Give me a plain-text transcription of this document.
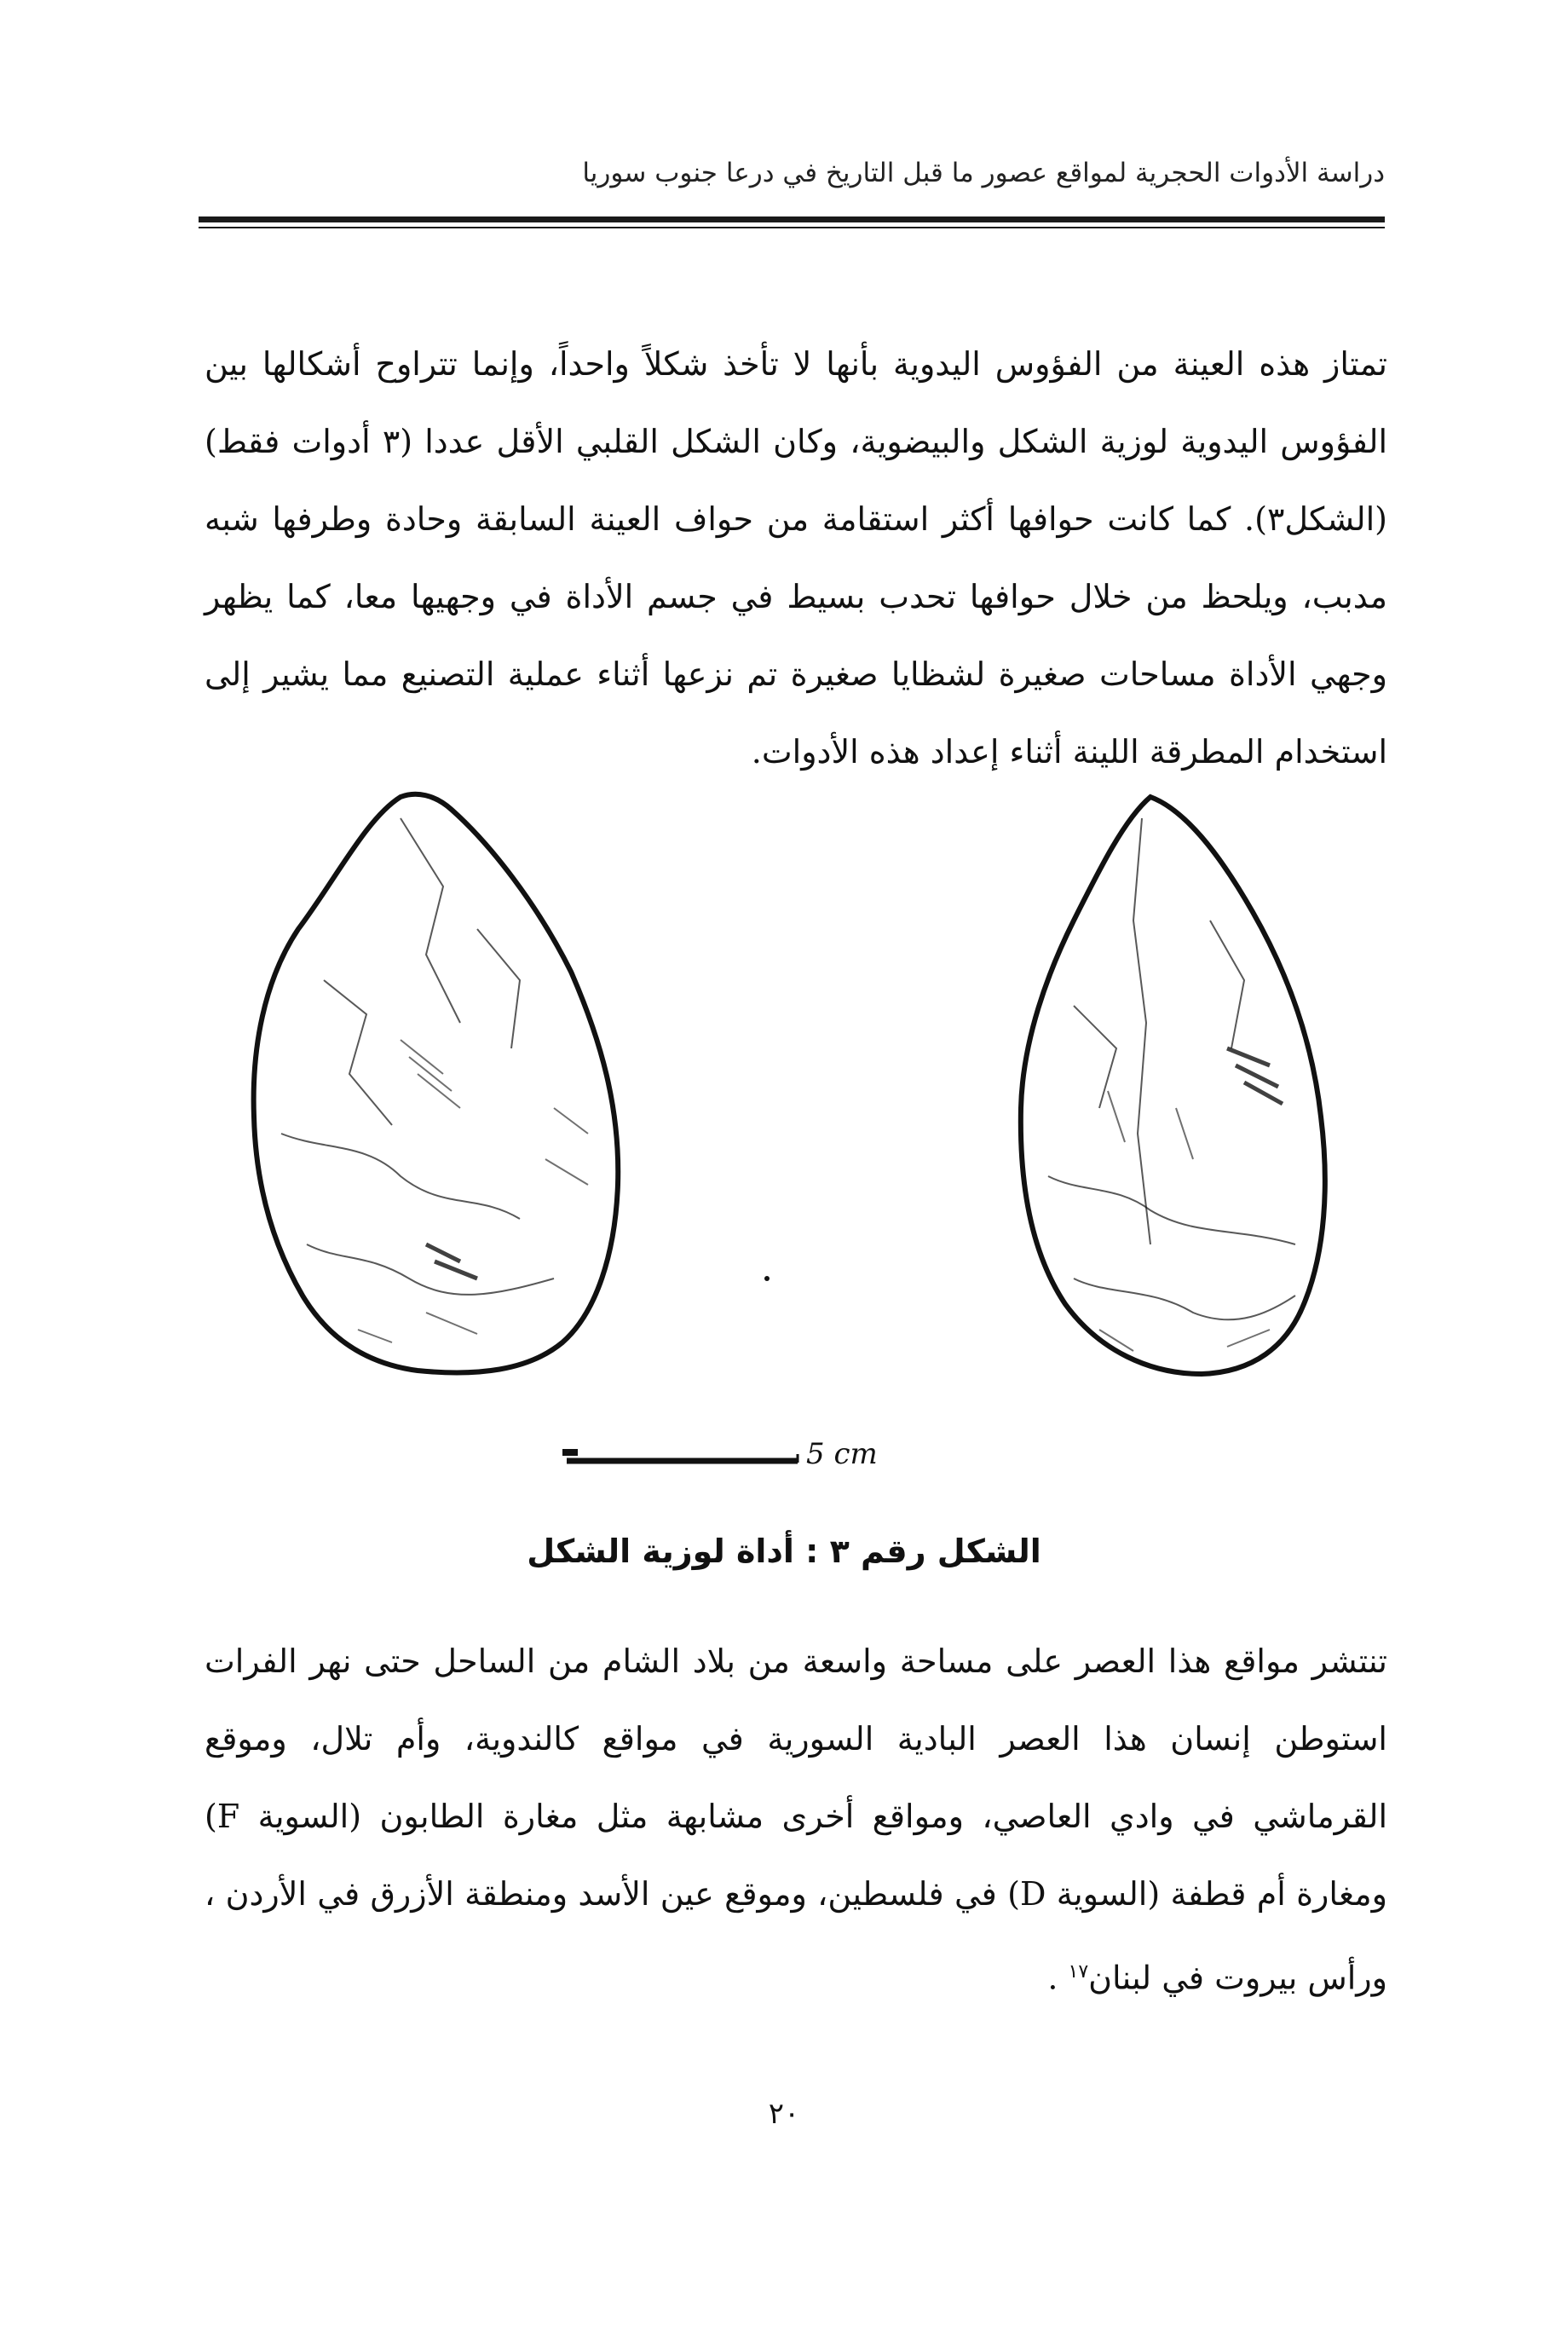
دراسة الأدوات الحجرية لمواقع عصور ما قبل التاريخ في درعا جنوب سوريا

تمتاز هذه العينة من الفؤوس اليدوية بأنها لا تأخذ شكلاً واحداً، وإنما تتراوح أشكالها بين الفؤوس اليدوية لوزية الشكل والبيضوية، وكان الشكل القلبي الأقل عددا (٣ أدوات فقط) (الشكل٣). كما كانت حوافها أكثر استقامة من حواف العينة السابقة وحادة وطرفها شبه مدبب، ويلحظ من خلال حوافها تحدب بسيط في جسم الأداة في وجهيها معا، كما يظهر وجهي الأداة مساحات صغيرة لشظايا صغيرة تم نزعها أثناء عملية التصنيع مما يشير إلى استخدام المطرقة اللينة أثناء إعداد هذه الأدوات.

5 cm
الشكل رقم ٣ : أداة لوزية الشكل

تنتشر مواقع هذا العصر على مساحة واسعة من بلاد الشام من الساحل حتى نهر الفرات استوطن إنسان هذا العصر البادية السورية في مواقع كالندوية، وأم تلال، وموقع القرماشي في وادي العاصي، ومواقع أخرى مشابهة مثل مغارة الطابون (السوية F) ومغارة أم قطفة (السوية D) في فلسطين، وموقع عين الأسد ومنطقة الأزرق في الأردن ، ورأس بيروت في لبنان$^{١٧}$ .

٢٠
